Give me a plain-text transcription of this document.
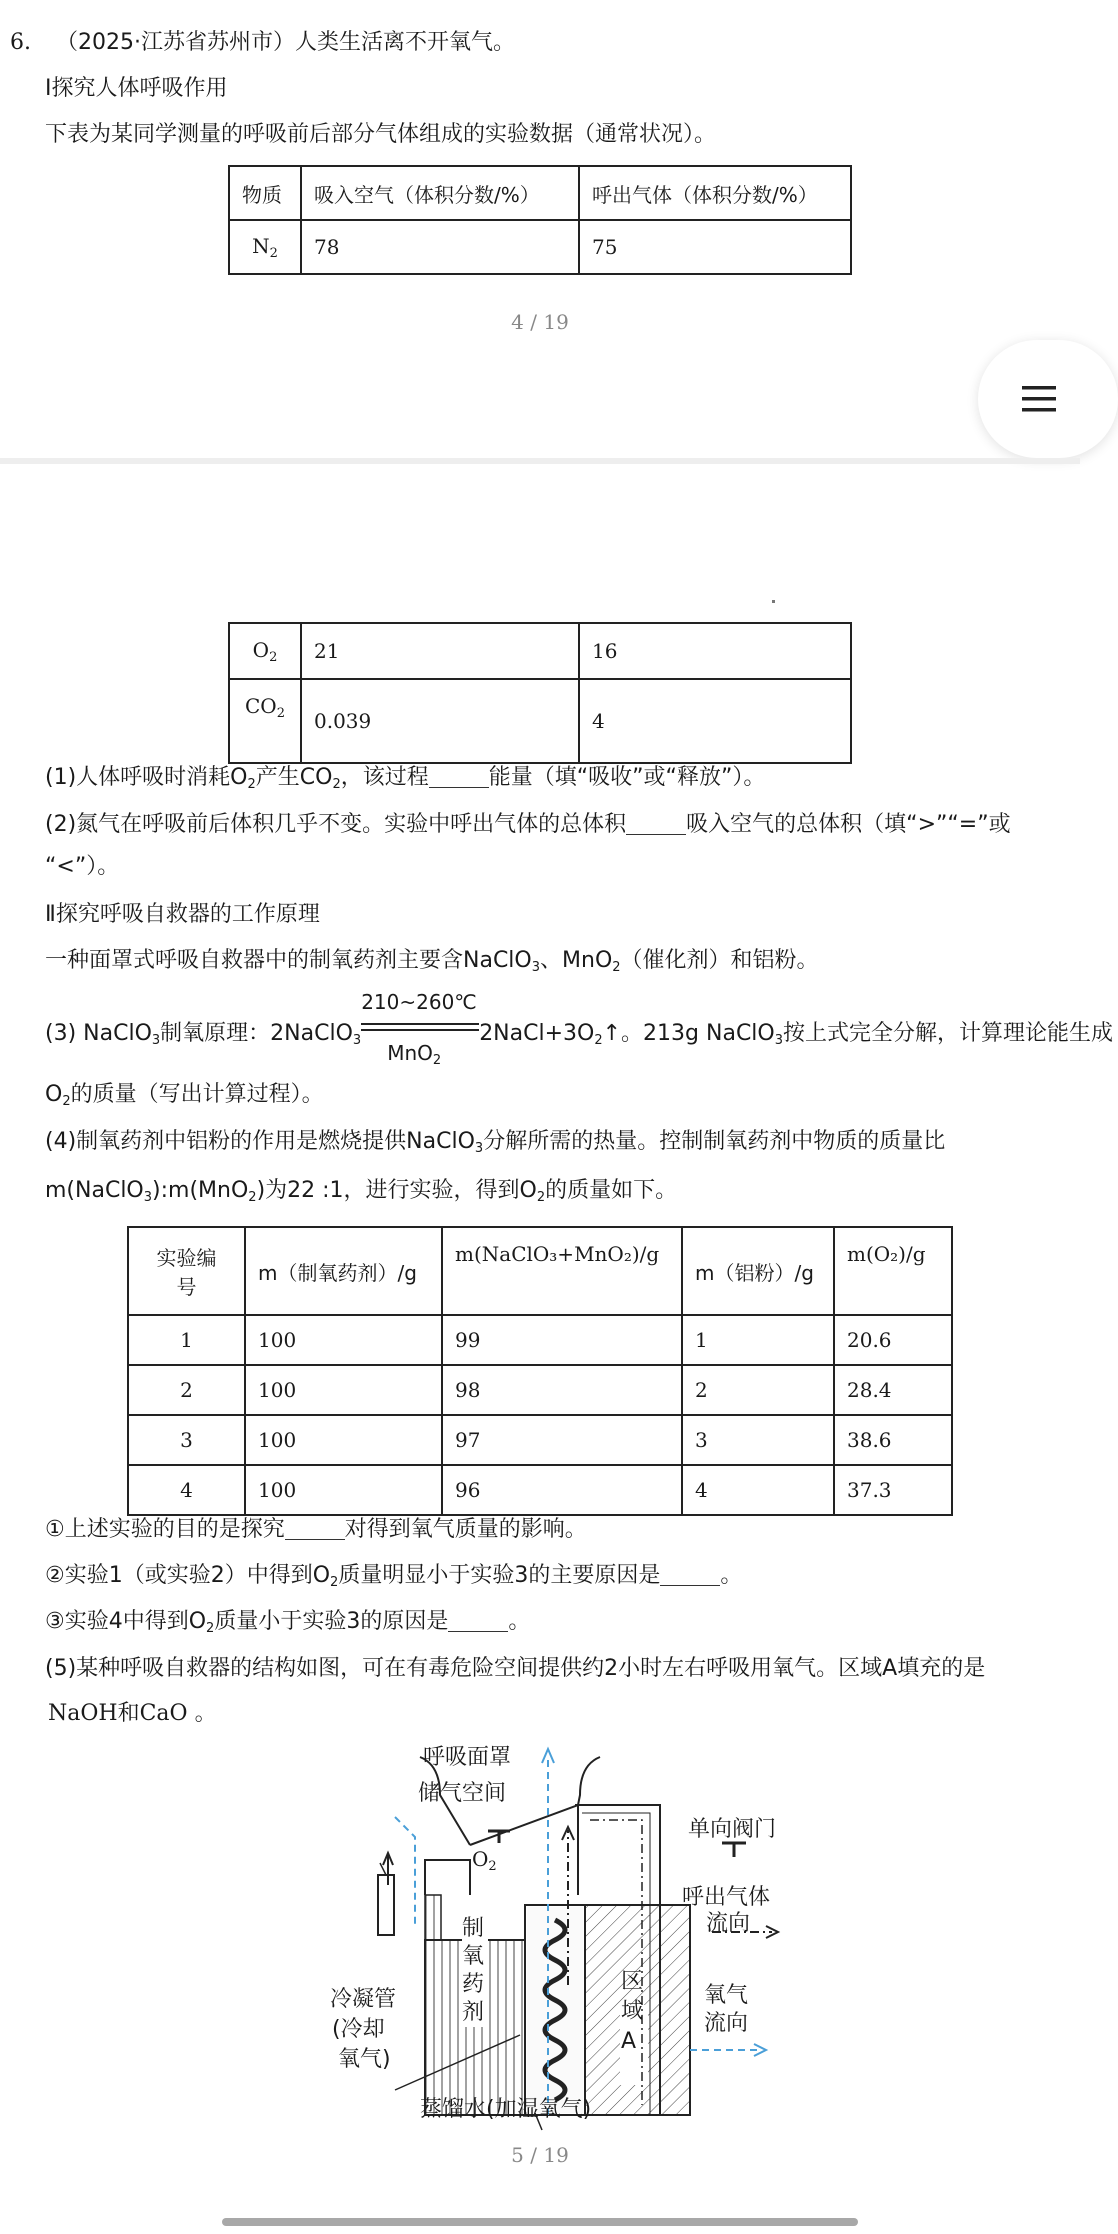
6. （2025·江苏省苏州市）人类生活离不开氧气。
Ⅰ探究人体呼吸作用
下表为某同学测量的呼吸前后部分气体组成的实验数据（通常状况）。
物质	吸入空气（体积分数/%）	呼出气体（体积分数/%）
$N_2$	78	75
4 / 19
$O_2$	21	16
$CO_2$	0.039	4
(1)人体呼吸时消耗$O_2$产生$CO_2$，该过程	能量（填“吸收”或“释放”）。
(2)氮气在呼吸前后体积几乎不变。实验中呼出气体的总体积	吸入空气的总体积（填“>”“=”或
“<”）。
Ⅱ探究呼吸自救器的工作原理
一种面罩式呼吸自救器中的制氧药剂主要含NaClO$_3$、MnO$_2$（催化剂）和铝粉。
(3) NaClO$_3$制氧原理：2NaClO$_3$
210~260℃
MnO$_2$
$2NaCl+3O_2↑$。213g NaClO$_3$按上式完全分解，计算理论能生成
$O_2$的质量（写出计算过程）。
(4)制氧药剂中铝粉的作用是燃烧提供NaClO$_3$分解所需的热量。控制制氧药剂中物质的质量比
m(NaClO$_3$):m(MnO$_2$)为22 :1，进行实验，得到$O_2$的质量如下。
实验编号	m（制氧药剂）/g	m(NaClO₃+MnO₂)/g	m（铝粉）/g	m(O₂)/g
1	100	99	1	20.6
2	100	98	2	28.4
3	100	97	3	38.6
4	100	96	4	37.3
①上述实验的目的是探究	对得到氧气质量的影响。
②实验1（或实验2）中得到$O_2$质量明显小于实验3的主要原因是	。
③实验4中得到$O_2$质量小于实验3的原因是	。
(5)某种呼吸自救器的结构如图，可在有毒危险空间提供约2小时左右呼吸用氧气。区域A填充的是
NaOH和CaO 。
呼吸面罩
储气空间
单向阀门
呼出气体
流向
氧气
流向
冷凝管
(冷却
氧气)
制氧药剂
区域A
蒸馏水(加湿氧气)
$O_2$
5 / 19
